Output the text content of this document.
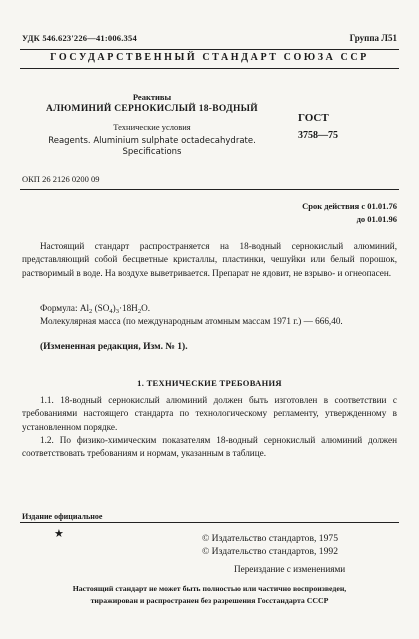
УДК 546.623'226—41:006.354	Группа Л51
ГОСУДАРСТВЕННЫЙ СТАНДАРТ СОЮЗА ССР
Реактивы
АЛЮМИНИЙ СЕРНОКИСЛЫЙ 18-ВОДНЫЙ
Технические условия
Reagents. Aluminium sulphate octadecahydrate. Specifications
ГОСТ
3758—75
ОКП 26 2126 0200 09
Срок действия с 01.01.76
до 01.01.96
Настоящий стандарт распространяется на 18-водный сернокислый алюминий, представляющий собой бесцветные кристаллы, пластинки, чешуйки или белый порошок, растворимый в воде. На воздухе выветривается. Препарат не ядовит, не взрыво- и огнеопасен.
Формула: $Al_2$ $(SO_4)_3\cdot 18H_2O$.
Молекулярная масса (по международным атомным массам 1971 г.) — 666,40.
(Измененная редакция, Изм. № 1).
1. ТЕХНИЧЕСКИЕ ТРЕБОВАНИЯ
1.1. 18-водный сернокислый алюминий должен быть изготовлен в соответствии с требованиями настоящего стандарта по технологическому регламенту, утвержденному в установленном порядке.
1.2. По физико-химическим показателям 18-водный сернокислый алюминий должен соответствовать требованиям и нормам, указанным в таблице.
Издание официальное
★	© Издательство стандартов, 1975
© Издательство стандартов, 1992
Переиздание с изменениями
Настоящий стандарт не может быть полностью или частично воспроизведен,
тиражирован и распространен без разрешения Госстандарта СССР
